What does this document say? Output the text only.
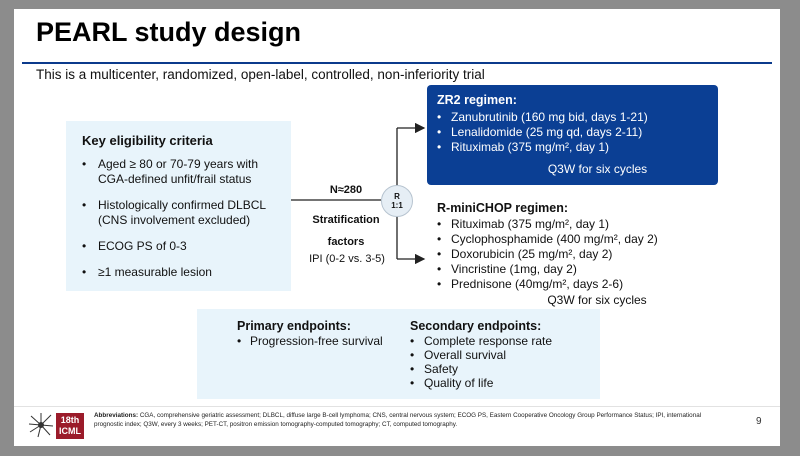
PEARL study design
This is a multicenter, randomized, open-label, controlled, non-inferiority trial
Key eligibility criteria
• Aged ≥ 80 or 70-79 years with CGA-defined unfit/frail status
• Histologically confirmed DLBCL (CNS involvement excluded)
• ECOG PS of 0-3
• ≥1 measurable lesion
N≈280
Stratification
factors
IPI (0-2 vs. 3-5)
R
1:1
ZR2 regimen:
• Zanubrutinib (160 mg bid, days 1-21)
• Lenalidomide (25 mg qd, days 2-11)
• Rituximab (375 mg/m², day 1)
Q3W for six cycles
R-miniCHOP regimen:
• Rituximab (375 mg/m², day 1)
• Cyclophosphamide (400 mg/m², day 2)
• Doxorubicin (25 mg/m², day 2)
• Vincristine (1mg, day 2)
• Prednisone (40mg/m², days 2-6)
Q3W for six cycles
Primary endpoints:
• Progression-free survival
Secondary endpoints:
• Complete response rate
• Overall survival
• Safety
• Quality of life
18th
ICML
Abbreviations: CGA, comprehensive geriatric assessment; DLBCL, diffuse large B-cell lymphoma; CNS, central nervous system; ECOG PS, Eastern Cooperative Oncology Group Performance Status; IPI, international prognostic index; Q3W, every 3 weeks; PET-CT, positron emission tomography-computed tomography; CT, computed tomography.	9
